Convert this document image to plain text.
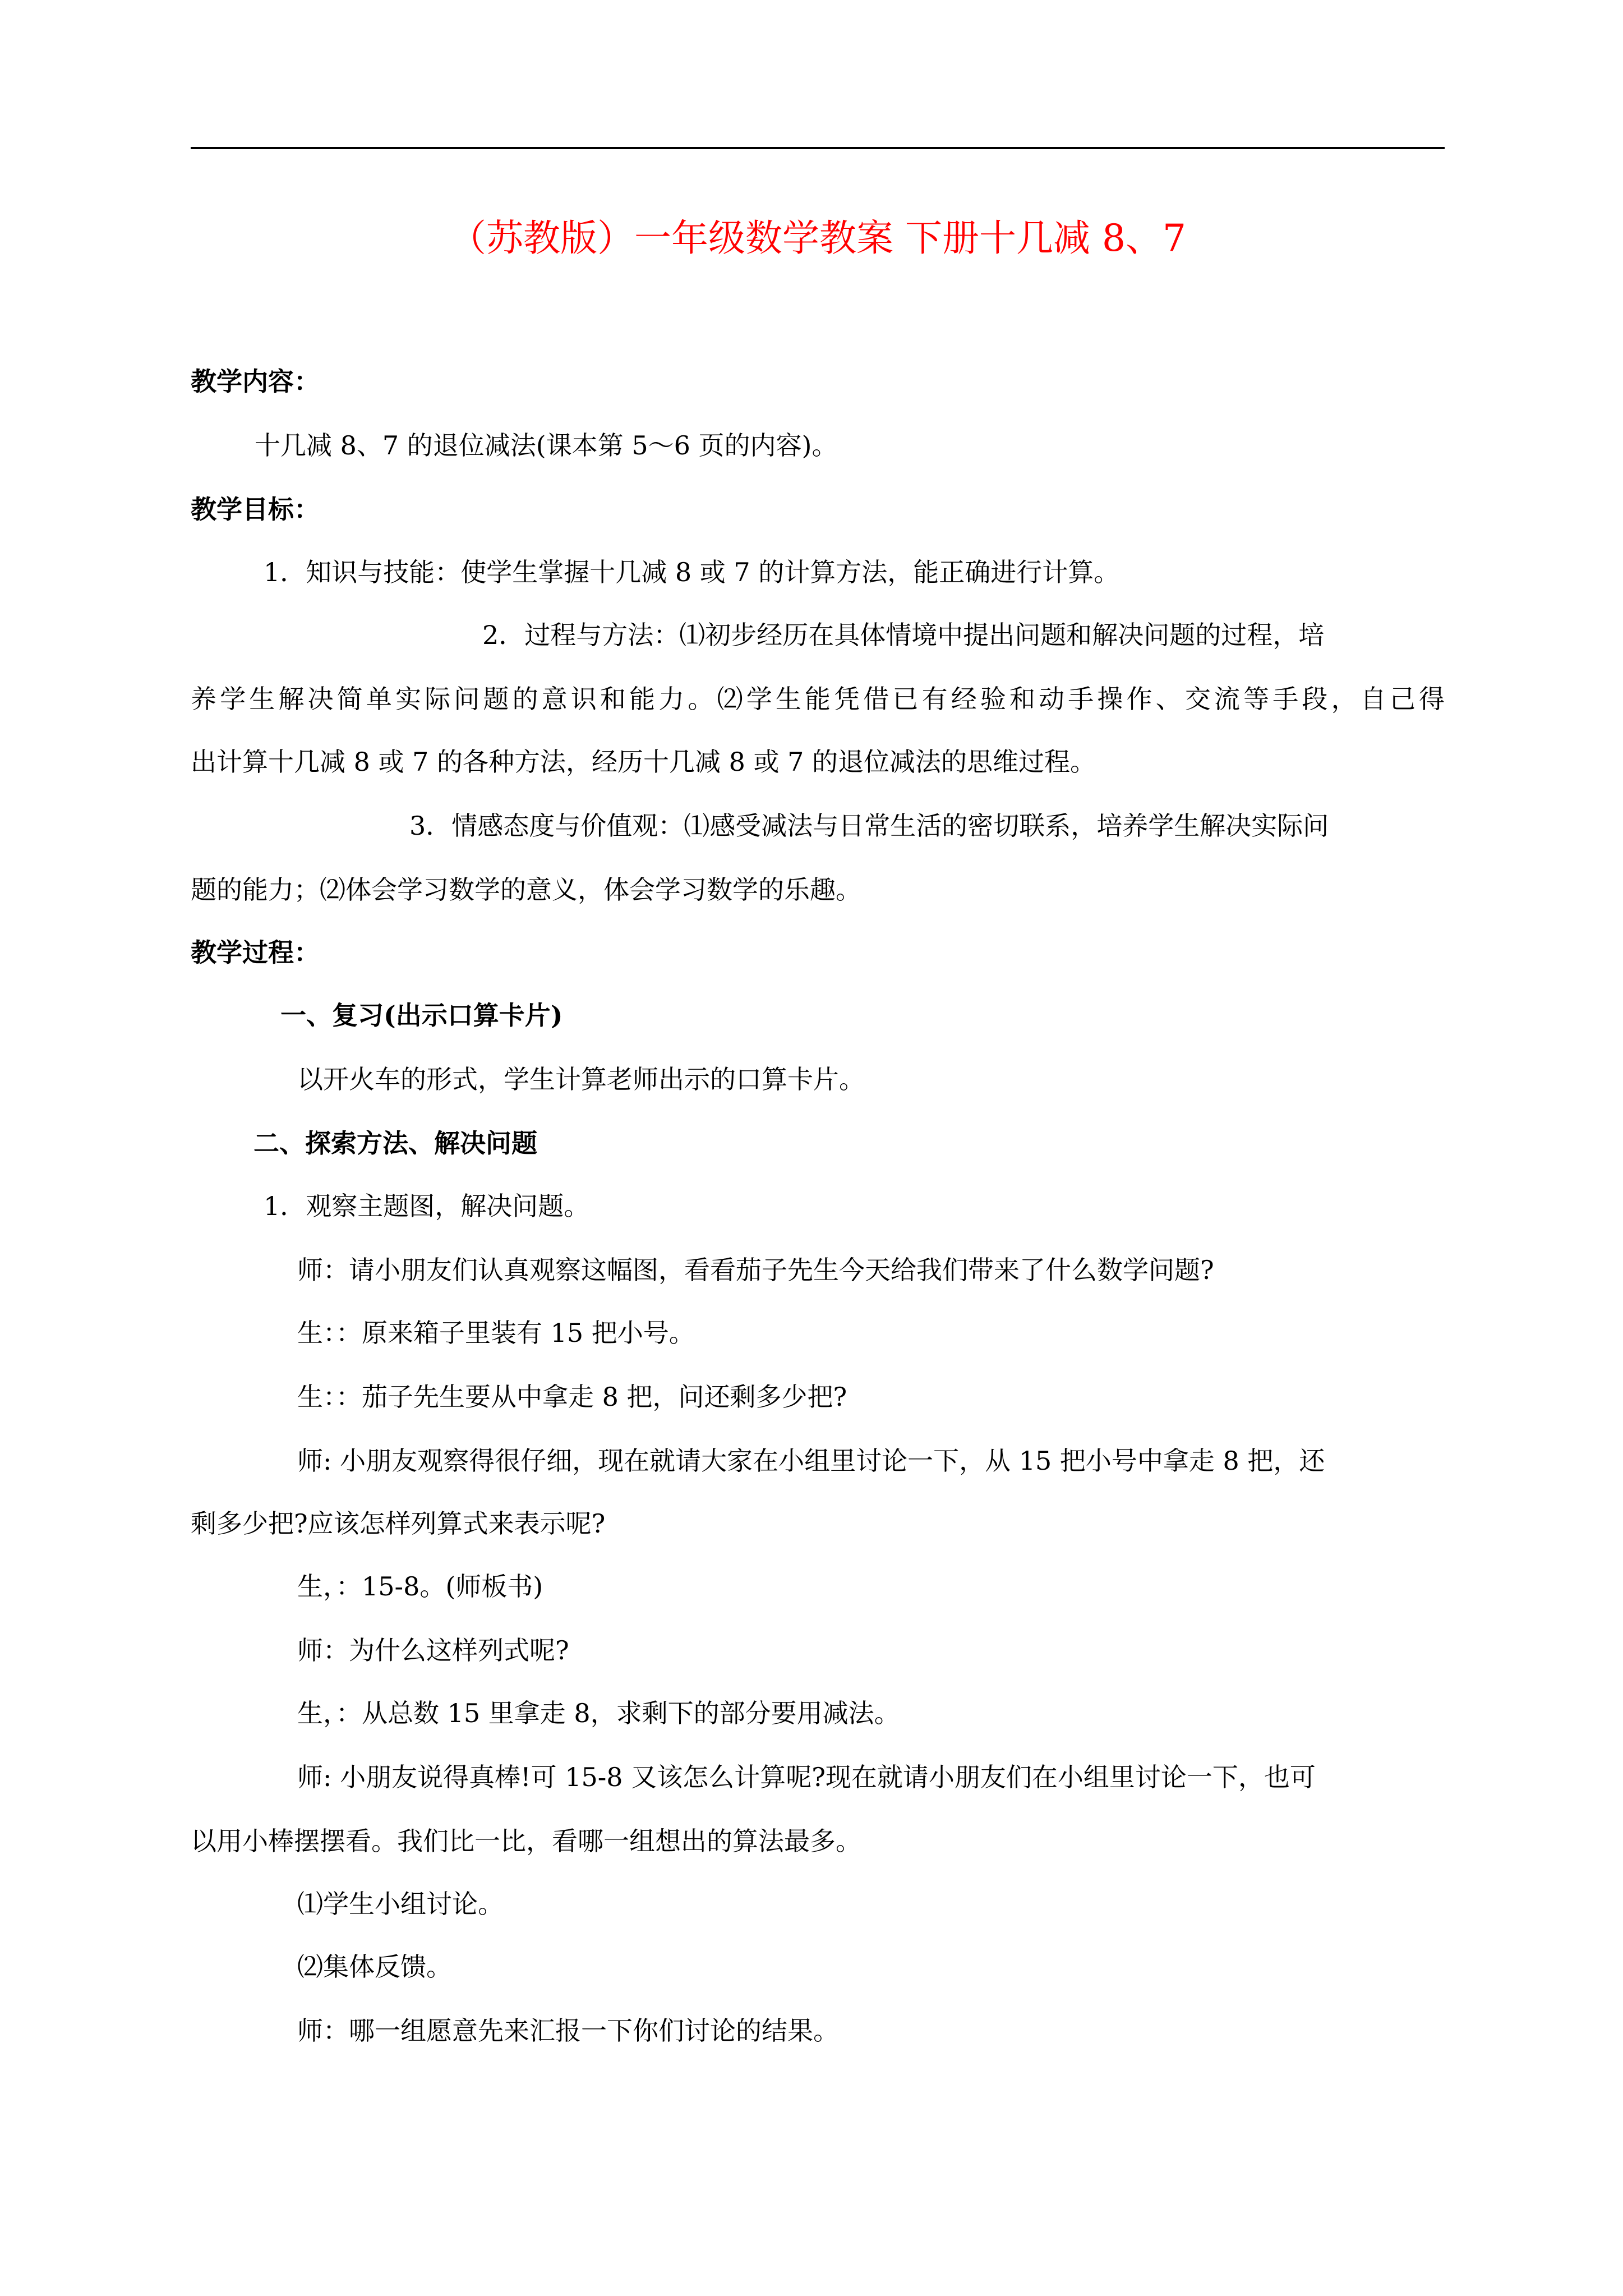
（苏教版）一年级数学教案 下册十几减 8、7
教学内容：
十几减 8、7 的退位减法(课本第 5～6 页的内容)。
教学目标：
1．知识与技能：使学生掌握十几减 8 或 7 的计算方法，能正确进行计算。
2．过程与方法：⑴初步经历在具体情境中提出问题和解决问题的过程，培
养学生解决简单实际问题的意识和能力。⑵学生能凭借已有经验和动手操作、交流等手段，自己得
出计算十几减 8 或 7 的各种方法，经历十几减 8 或 7 的退位减法的思维过程。
3．情感态度与价值观：⑴感受减法与日常生活的密切联系，培养学生解决实际问
题的能力；⑵体会学习数学的意义，体会学习数学的乐趣。
教学过程：
一、复习(出示口算卡片)
以开火车的形式，学生计算老师出示的口算卡片。
二、探索方法、解决问题
1．观察主题图，解决问题。
师：请小朋友们认真观察这幅图，看看茄子先生今天给我们带来了什么数学问题?
生：：原来箱子里装有 15 把小号。
生：：茄子先生要从中拿走 8 把，问还剩多少把?
师: 小朋友观察得很仔细，现在就请大家在小组里讨论一下，从 15 把小号中拿走 8 把，还
剩多少把?应该怎样列算式来表示呢?
生，：15-8。(师板书)
师：为什么这样列式呢?
生，：从总数 15 里拿走 8，求剩下的部分要用减法。
师: 小朋友说得真棒!可 15-8 又该怎么计算呢?现在就请小朋友们在小组里讨论一下，也可
以用小棒摆摆看。我们比一比，看哪一组想出的算法最多。
⑴学生小组讨论。
⑵集体反馈。
师：哪一组愿意先来汇报一下你们讨论的结果。
